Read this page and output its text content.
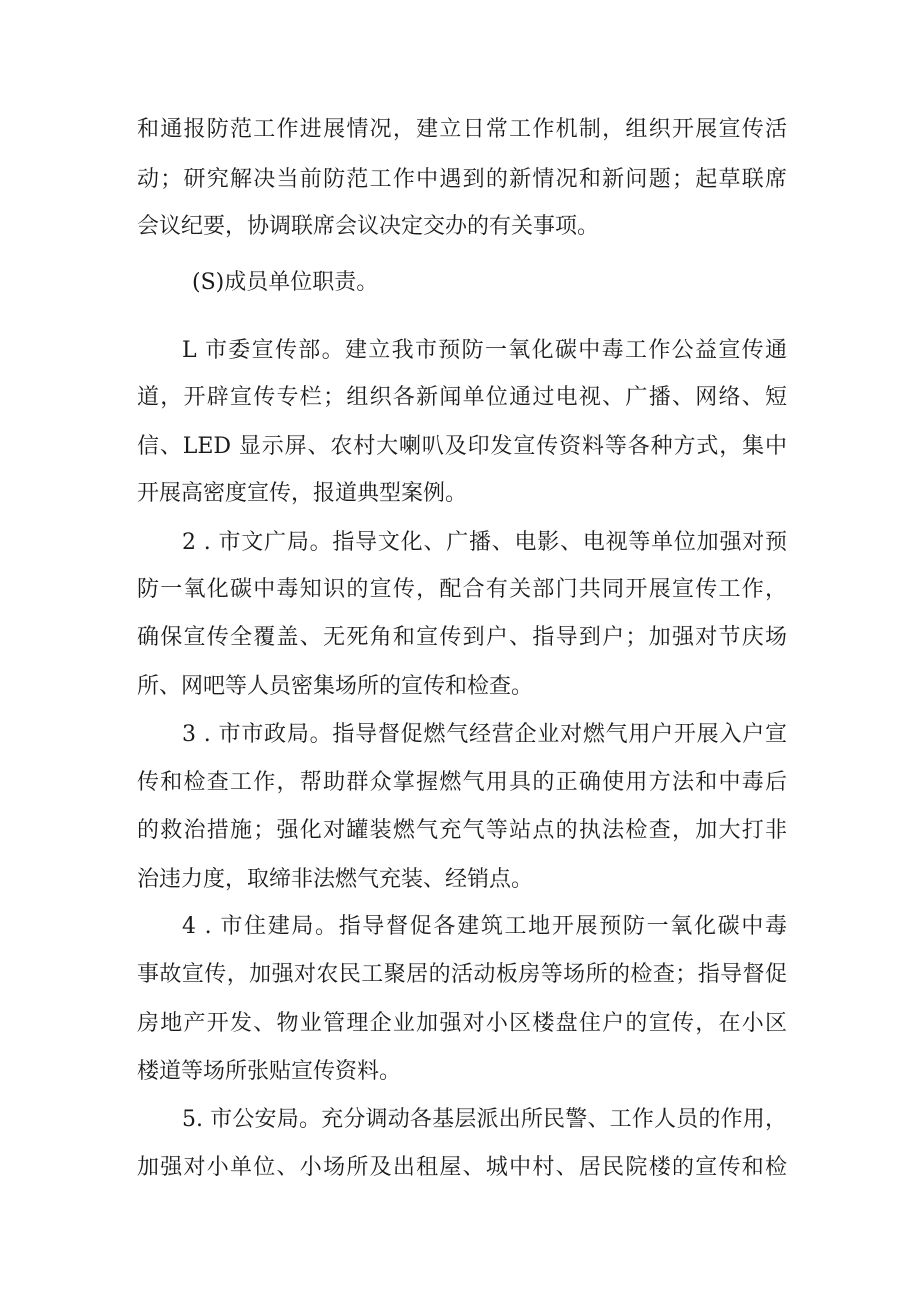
和通报防范工作进展情况，建立日常工作机制，组织开展宣传活
动；研究解决当前防范工作中遇到的新情况和新问题；起草联席
会议纪要，协调联席会议决定交办的有关事项。
(S)成员单位职责。
L 市委宣传部。建立我市预防一氧化碳中毒工作公益宣传通
道，开辟宣传专栏；组织各新闻单位通过电视、广播、网络、短
信、LED 显示屏、农村大喇叭及印发宣传资料等各种方式，集中
开展高密度宣传，报道典型案例。
2 . 市文广局。指导文化、广播、电影、电视等单位加强对预
防一氧化碳中毒知识的宣传，配合有关部门共同开展宣传工作，
确保宣传全覆盖、无死角和宣传到户、指导到户；加强对节庆场
所、网吧等人员密集场所的宣传和检查。
3 . 市市政局。指导督促燃气经营企业对燃气用户开展入户宣
传和检查工作，帮助群众掌握燃气用具的正确使用方法和中毒后
的救治措施；强化对罐装燃气充气等站点的执法检查，加大打非
治违力度，取缔非法燃气充装、经销点。
4 . 市住建局。指导督促各建筑工地开展预防一氧化碳中毒
事故宣传，加强对农民工聚居的活动板房等场所的检查；指导督促
房地产开发、物业管理企业加强对小区楼盘住户的宣传，在小区
楼道等场所张贴宣传资料。
5. 市公安局。充分调动各基层派出所民警、工作人员的作用，
加强对小单位、小场所及出租屋、城中村、居民院楼的宣传和检
